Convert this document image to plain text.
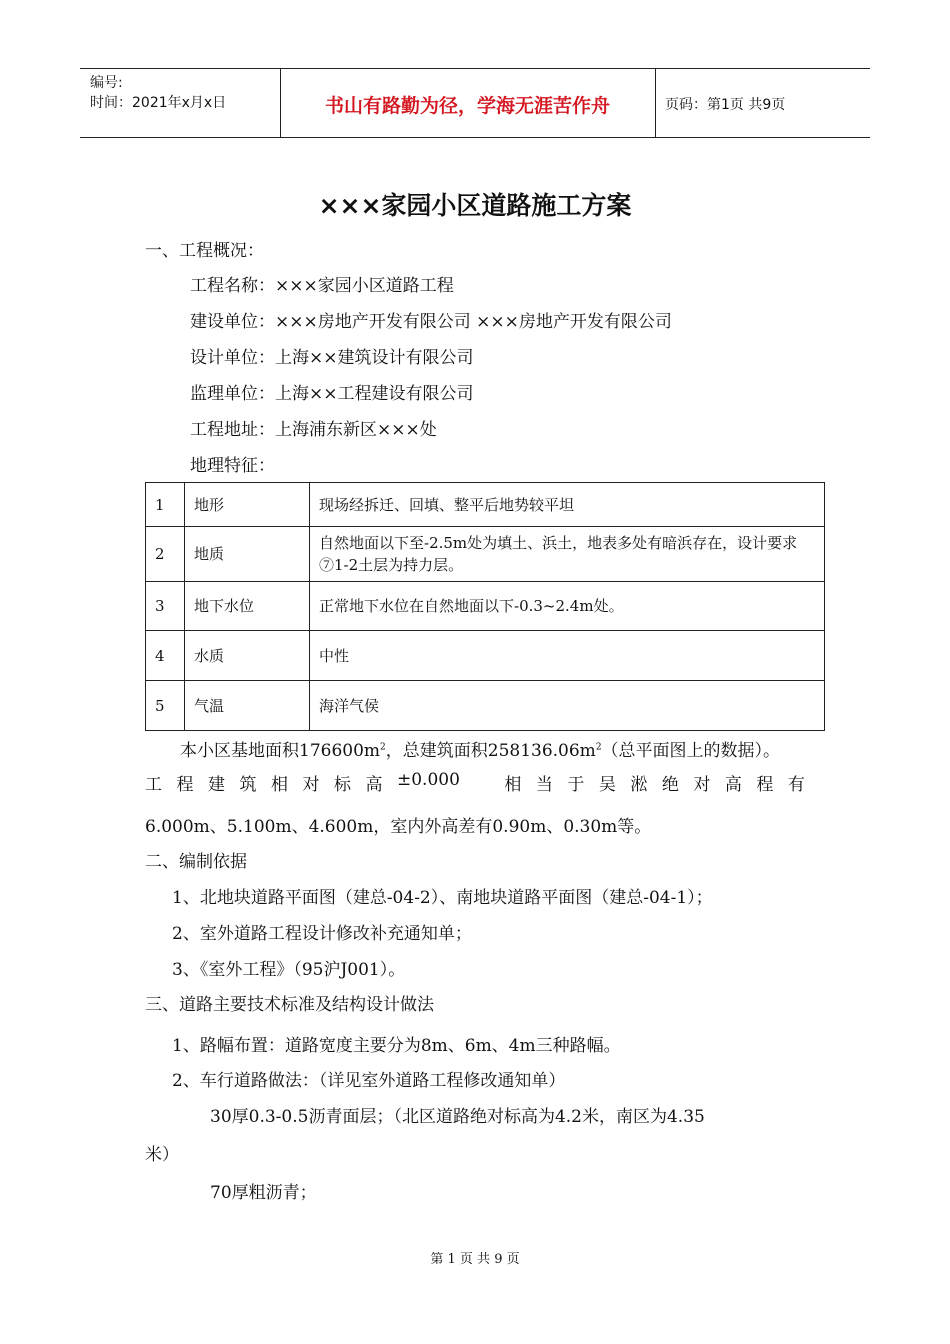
编号:
时间：2021年x月x日	书山有路勤为径，学海无涯苦作舟	页码：第1页 共9页
×××家园小区道路施工方案
一、工程概况：
工程名称：×××家园小区道路工程
建设单位：×××房地产开发有限公司 ×××房地产开发有限公司
设计单位：上海××建筑设计有限公司
监理单位：上海××工程建设有限公司
工程地址：上海浦东新区×××处
地理特征：
1	地形	现场经拆迁、回填、整平后地势较平坦
2	地质	自然地面以下至-2.5m处为填土、浜土，地表多处有暗浜存在，设计要求⑦1-2土层为持力层。
3	地下水位	正常地下水位在自然地面以下-0.3~2.4m处。
4	水质	中性
5	气温	海洋气侯
本小区基地面积$176600m^2$，总建筑面积$258136.06m^2$（总平面图上的数据）。
工 程 建 筑 相 对 标 高 ±0.000	相 当 于 吴 淞 绝 对 高 程 有
6.000m、5.100m、4.600m，室内外高差有0.90m、0.30m等。
二、编制依据
1、北地块道路平面图（建总-04-2）、南地块道路平面图（建总-04-1）；
2、室外道路工程设计修改补充通知单；
3、《室外工程》（95沪J001）。
三、道路主要技术标准及结构设计做法
1、路幅布置：道路宽度主要分为8m、6m、4m三种路幅。
2、车行道路做法：（详见室外道路工程修改通知单）
30厚0.3-0.5沥青面层；（北区道路绝对标高为4.2米，南区为4.35
米）
70厚粗沥青；
第 1 页 共 9 页
